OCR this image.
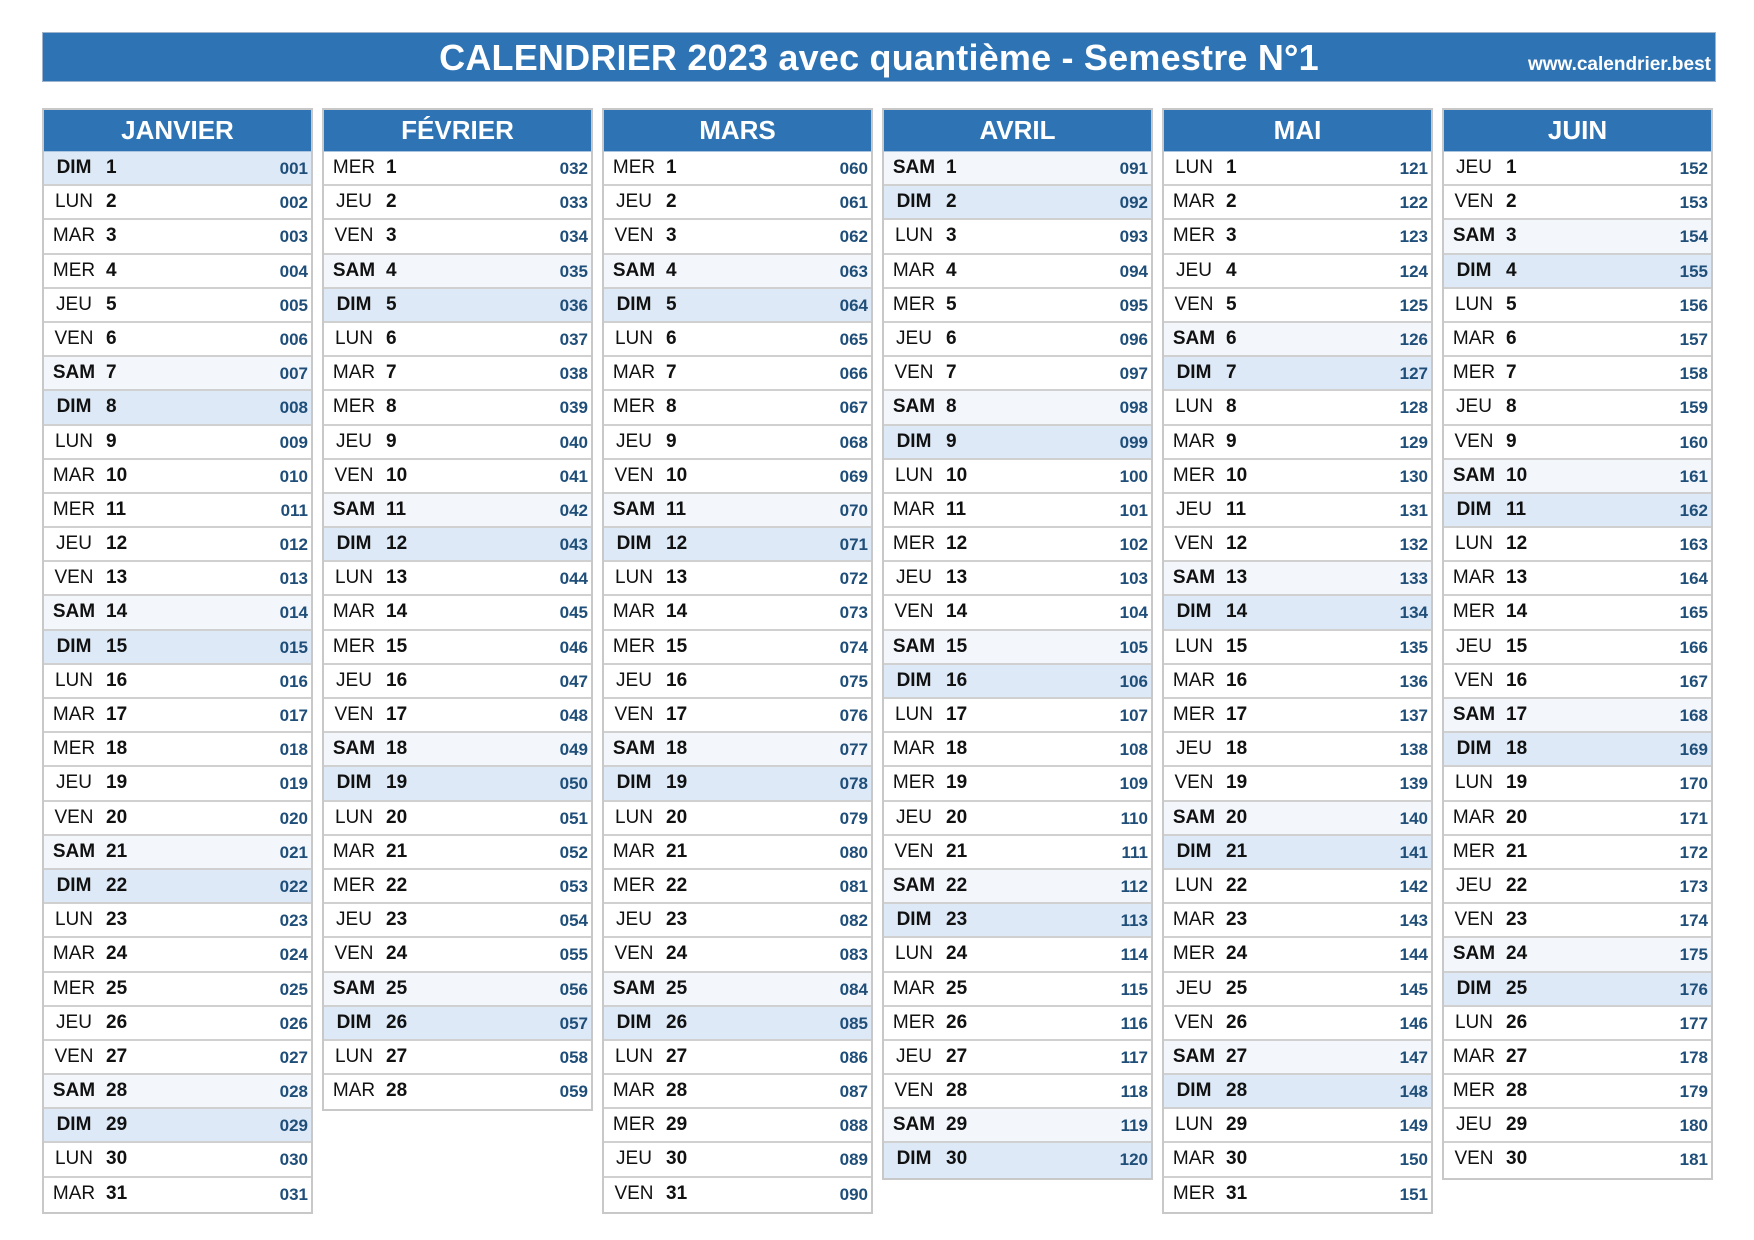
CALENDRIER 2023 avec quantième - Semestre N°1	www.calendrier.best
JANVIER
DIM 1	001
LUN 2	002
MAR 3	003
MER 4	004
JEU 5	005
VEN 6	006
SAM 7	007
DIM 8	008
LUN 9	009
MAR 10	010
MER 11	011
JEU 12	012
VEN 13	013
SAM 14	014
DIM 15	015
LUN 16	016
MAR 17	017
MER 18	018
JEU 19	019
VEN 20	020
SAM 21	021
DIM 22	022
LUN 23	023
MAR 24	024
MER 25	025
JEU 26	026
VEN 27	027
SAM 28	028
DIM 29	029
LUN 30	030
MAR 31	031
FÉVRIER
MER 1	032
JEU 2	033
VEN 3	034
SAM 4	035
DIM 5	036
LUN 6	037
MAR 7	038
MER 8	039
JEU 9	040
VEN 10	041
SAM 11	042
DIM 12	043
LUN 13	044
MAR 14	045
MER 15	046
JEU 16	047
VEN 17	048
SAM 18	049
DIM 19	050
LUN 20	051
MAR 21	052
MER 22	053
JEU 23	054
VEN 24	055
SAM 25	056
DIM 26	057
LUN 27	058
MAR 28	059
MARS
MER 1	060
JEU 2	061
VEN 3	062
SAM 4	063
DIM 5	064
LUN 6	065
MAR 7	066
MER 8	067
JEU 9	068
VEN 10	069
SAM 11	070
DIM 12	071
LUN 13	072
MAR 14	073
MER 15	074
JEU 16	075
VEN 17	076
SAM 18	077
DIM 19	078
LUN 20	079
MAR 21	080
MER 22	081
JEU 23	082
VEN 24	083
SAM 25	084
DIM 26	085
LUN 27	086
MAR 28	087
MER 29	088
JEU 30	089
VEN 31	090
AVRIL
SAM 1	091
DIM 2	092
LUN 3	093
MAR 4	094
MER 5	095
JEU 6	096
VEN 7	097
SAM 8	098
DIM 9	099
LUN 10	100
MAR 11	101
MER 12	102
JEU 13	103
VEN 14	104
SAM 15	105
DIM 16	106
LUN 17	107
MAR 18	108
MER 19	109
JEU 20	110
VEN 21	111
SAM 22	112
DIM 23	113
LUN 24	114
MAR 25	115
MER 26	116
JEU 27	117
VEN 28	118
SAM 29	119
DIM 30	120
MAI
LUN 1	121
MAR 2	122
MER 3	123
JEU 4	124
VEN 5	125
SAM 6	126
DIM 7	127
LUN 8	128
MAR 9	129
MER 10	130
JEU 11	131
VEN 12	132
SAM 13	133
DIM 14	134
LUN 15	135
MAR 16	136
MER 17	137
JEU 18	138
VEN 19	139
SAM 20	140
DIM 21	141
LUN 22	142
MAR 23	143
MER 24	144
JEU 25	145
VEN 26	146
SAM 27	147
DIM 28	148
LUN 29	149
MAR 30	150
MER 31	151
JUIN
JEU 1	152
VEN 2	153
SAM 3	154
DIM 4	155
LUN 5	156
MAR 6	157
MER 7	158
JEU 8	159
VEN 9	160
SAM 10	161
DIM 11	162
LUN 12	163
MAR 13	164
MER 14	165
JEU 15	166
VEN 16	167
SAM 17	168
DIM 18	169
LUN 19	170
MAR 20	171
MER 21	172
JEU 22	173
VEN 23	174
SAM 24	175
DIM 25	176
LUN 26	177
MAR 27	178
MER 28	179
JEU 29	180
VEN 30	181
